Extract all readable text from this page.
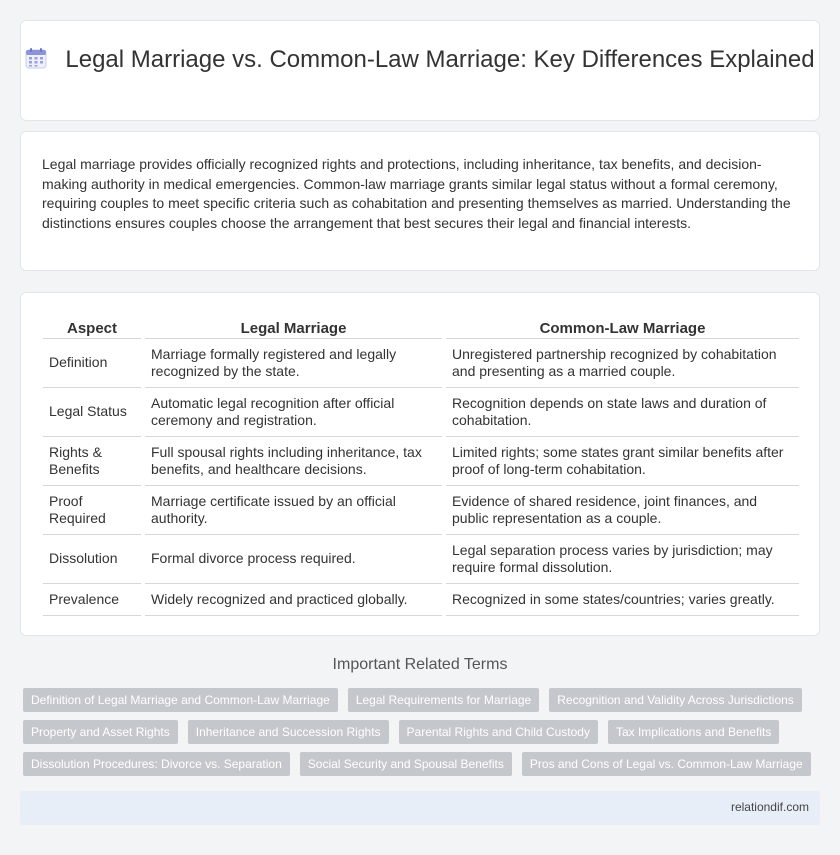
Legal Marriage vs. Common-Law Marriage: Key Differences Explained

Legal marriage provides officially recognized rights and protections, including inheritance, tax benefits, and decision-making authority in medical emergencies. Common-law marriage grants similar legal status without a formal ceremony, requiring couples to meet specific criteria such as cohabitation and presenting themselves as married. Understanding the distinctions ensures couples choose the arrangement that best secures their legal and financial interests.

Aspect	Legal Marriage	Common-Law Marriage
Definition	Marriage formally registered and legally recognized by the state.	Unregistered partnership recognized by cohabitation and presenting as a married couple.
Legal Status	Automatic legal recognition after official ceremony and registration.	Recognition depends on state laws and duration of cohabitation.
Rights & Benefits	Full spousal rights including inheritance, tax benefits, and healthcare decisions.	Limited rights; some states grant similar benefits after proof of long-term cohabitation.
Proof Required	Marriage certificate issued by an official authority.	Evidence of shared residence, joint finances, and public representation as a couple.
Dissolution	Formal divorce process required.	Legal separation process varies by jurisdiction; may require formal dissolution.
Prevalence	Widely recognized and practiced globally.	Recognized in some states/countries; varies greatly.
Important Related Terms
Definition of Legal Marriage and Common-Law Marriage	Legal Requirements for Marriage	Recognition and Validity Across Jurisdictions
Property and Asset Rights	Inheritance and Succession Rights	Parental Rights and Child Custody	Tax Implications and Benefits
Dissolution Procedures: Divorce vs. Separation	Social Security and Spousal Benefits	Pros and Cons of Legal vs. Common-Law Marriage
relationdif.com
